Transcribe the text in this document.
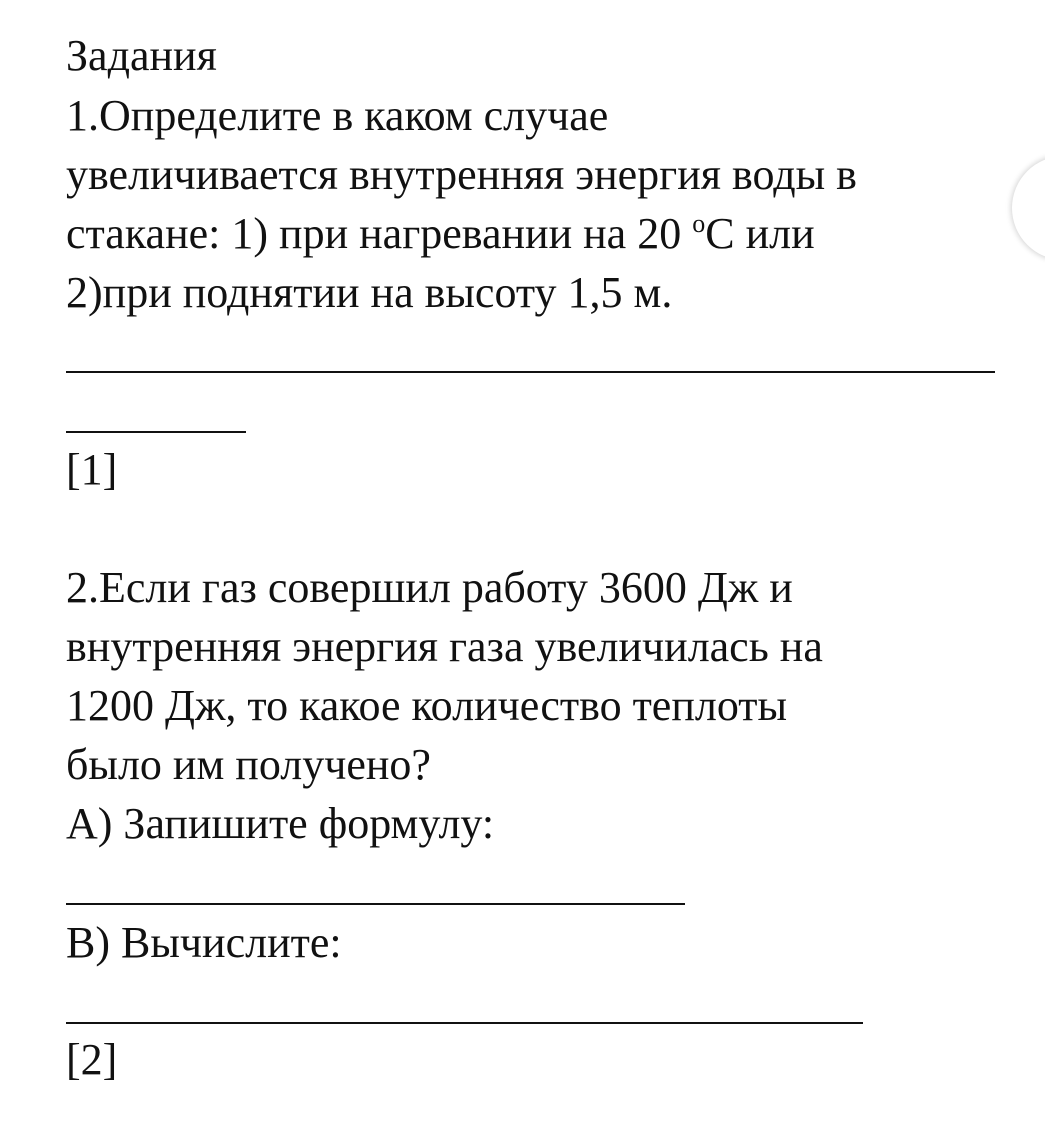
Задания
1.Определите в каком случае
увеличивается внутренняя энергия воды в
стакане: 1) при нагревании на 20 $^o$С или
2)при поднятии на высоту 1,5 м.
[1]
2.Если газ совершил работу 3600 Дж и
внутренняя энергия газа увеличилась на
1200 Дж, то какое количество теплоты
было им получено?
А) Запишите формулу:
В) Вычислите:
[2]
